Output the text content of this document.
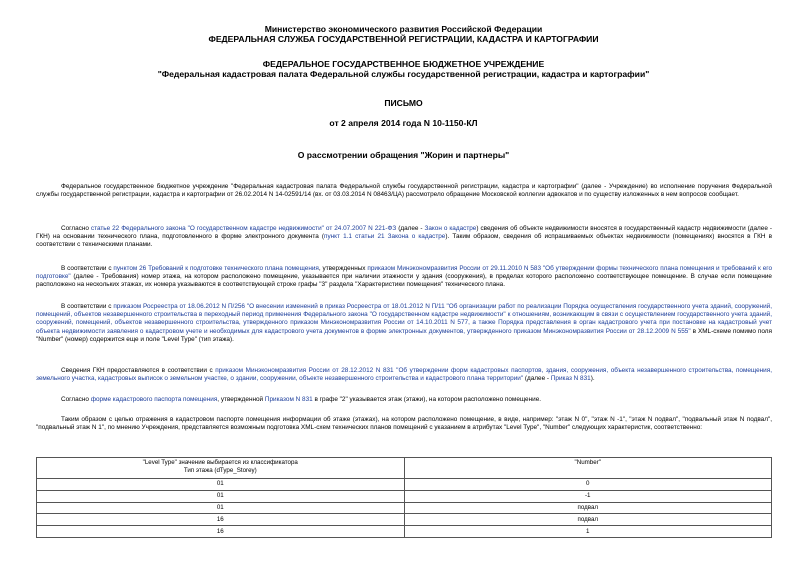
Министерство экономического развития Российской Федерации
ФЕДЕРАЛЬНАЯ СЛУЖБА ГОСУДАРСТВЕННОЙ РЕГИСТРАЦИИ, КАДАСТРА И КАРТОГРАФИИ
ФЕДЕРАЛЬНОЕ ГОСУДАРСТВЕННОЕ БЮДЖЕТНОЕ УЧРЕЖДЕНИЕ
"Федеральная кадастровая палата Федеральной службы государственной регистрации, кадастра и картографии"
ПИСЬМО
от 2 апреля 2014 года N 10-1150-КЛ
О рассмотрении обращения "Жорин и партнеры"
Федеральное государственное бюджетное учреждение "Федеральная кадастровая палата Федеральной службы государственной регистрации, кадастра и картографии" (далее - Учреждение) во исполнение поручения Федеральной службы государственной регистрации, кадастра и картографии от 26.02.2014 N 14-02591/14 (вх. от 03.03.2014 N 08463/ЦА) рассмотрело обращение Московской коллегии адвокатов и по существу изложенных в нем вопросов сообщает.
Согласно статье 22 Федерального закона "О государственном кадастре недвижимости" от 24.07.2007 N 221-ФЗ (далее - Закон о кадастре) сведения об объекте недвижимости вносятся в государственный кадастр недвижимости (далее - ГКН) на основании технического плана, подготовленного в форме электронного документа (пункт 1.1 статьи 21 Закона о кадастре). Таким образом, сведения об испрашиваемых объектах недвижимости (помещениях) вносятся в ГКН в соответствии с техническими планами.
В соответствии с пунктом 26 Требований к подготовке технического плана помещения, утвержденных приказом Минэкономразвития России от 29.11.2010 N 583 "Об утверждении формы технического плана помещения и требований к его подготовке" (далее - Требования) номер этажа, на котором расположено помещение, указывается при наличии этажности у здания (сооружения), в пределах которого расположено соответствующее помещение. В случае если помещение расположено на нескольких этажах, их номера указываются в соответствующей строке графы "3" раздела "Характеристики помещения" технического плана.
В соответствии с приказом Росреестра от 18.06.2012 N П/256 "О внесении изменений в приказ Росреестра от 18.01.2012 N П/11 "Об организации работ по реализации Порядка осуществления государственного учета зданий, сооружений, помещений, объектов незавершенного строительства в переходный период применения Федерального закона "О государственном кадастре недвижимости" к отношениям, возникающим в связи с осуществлением государственного учета зданий, сооружений, помещений, объектов незавершенного строительства, утвержденного приказом Минэкономразвития России от 14.10.2011 N 577, а также Порядка представления в орган кадастрового учета при постановке на кадастровый учет объекта недвижимости заявления о кадастровом учете и необходимых для кадастрового учета документов в форме электронных документов, утвержденного приказом Минэкономразвития России от 28.12.2009 N 555" в XML-схеме помимо поля "Number" (номер) содержится еще и поле "Level Type" (тип этажа).
Сведения ГКН предоставляются в соответствии с приказом Минэкономразвития России от 28.12.2012 N 831 "Об утверждении форм кадастровых паспортов, здания, сооружения, объекта незавершенного строительства, помещения, земельного участка, кадастровых выписок о земельном участке, о здании, сооружении, объекте незавершенного строительства и кадастрового плана территории" (далее - Приказ N 831).
Согласно форме кадастрового паспорта помещения, утвержденной Приказом N 831 в графе "2" указывается этаж (этажи), на котором расположено помещение.
Таким образом с целью отражения в кадастровом паспорте помещения информации об этаже (этажах), на котором расположено помещение, в виде, например: "этаж N 0", "этаж N -1", "этаж N подвал", "подвальный этаж N подвал", "подвальный этаж N 1", по мнению Учреждения, представляется возможным подготовка XML-схем технических планов помещений с указанием в атрибутах "Level Type", "Number" следующих характеристик, соответственно:
"Level Type" значение выбирается из классификатора
Тип этажа (dType_Storey)	"Number"
01	0
01	-1
01	подвал
16	подвал
16	1
